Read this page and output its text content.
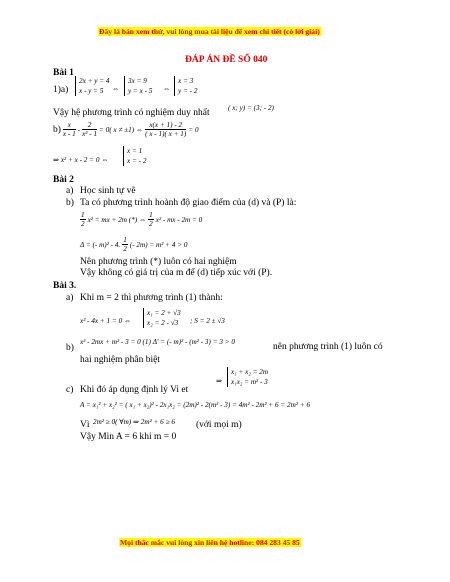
Đây là bản xem thử, vui lòng mua tài liệu để xem chi tiết (có lời giải)
ĐÁP ÁN ĐỀ SỐ 040
Bài 1
1)a)
2x + y = 4
x - y = 5	⇔
3x = 9
y = x - 5 ⇔
x = 3
y = - 2
Vậy hệ phương trình có nghiệm duy nhất	( x; y) = (3; - 2)
$b) \frac{x}{x - 1} - \frac{2}{\text{x² - 1}} = 0$( x ≠ ±1) ⇔ $\frac{x(x + 1) - 2}{( x - 1)( x + 1)} = 0$
⇒ x² + x - 2 = 0 ⇔
x = 1
x = - 2
Bài 2
a) Học sinh tự vẽ
b) Ta có phương trình hoành độ giao điểm của (d) và (P) là:
$\frac{1}{2} x^2$ = mx + 2m (*) ⇔ $\frac{1}{2} x^2$ - mx - 2m = 0
Δ = (- m)² - 4. $\frac{1}{2}$ (- 2m) = m² + 4 > 0
Nên phương trình (*) luôn có hai nghiệm
Vậy không có giá trị của m để (d) tiếp xúc với (P).
Bài 3.
a) Khi m = 2 thì phương trình (1) thành:
x² - 4x + 1 = 0 ⇔
x₁ = 2 + √3
x₂ = 2 - √3	; S = 2 ± √3
b)
x² - 2mx + m² - 3 = 0 (1) Δ' = (- m)² - (m² - 3) = 3 > 0	nên phương trình (1) luôn có
hai nghiệm phân biệt
⇒
x₁ + x₂ = 2m
x₁x₂ = m² - 3
c) Khi đó áp dụng định lý Vi et
A = x₁² + x₂² = ( x₁ + x₂)² - 2x₁x₂ = (2m)² - 2(m² - 3) = 4m² - 2m² + 6 = 2m² + 6
Vì 2m² ≥ 0( ∀m) ⇒ 2m² + 6 ≥ 6 (với mọi m)
Vậy Min A = 6 khi m = 0
Mọi thắc mắc vui lòng xin liên hệ hotline: 084 283 45 85
